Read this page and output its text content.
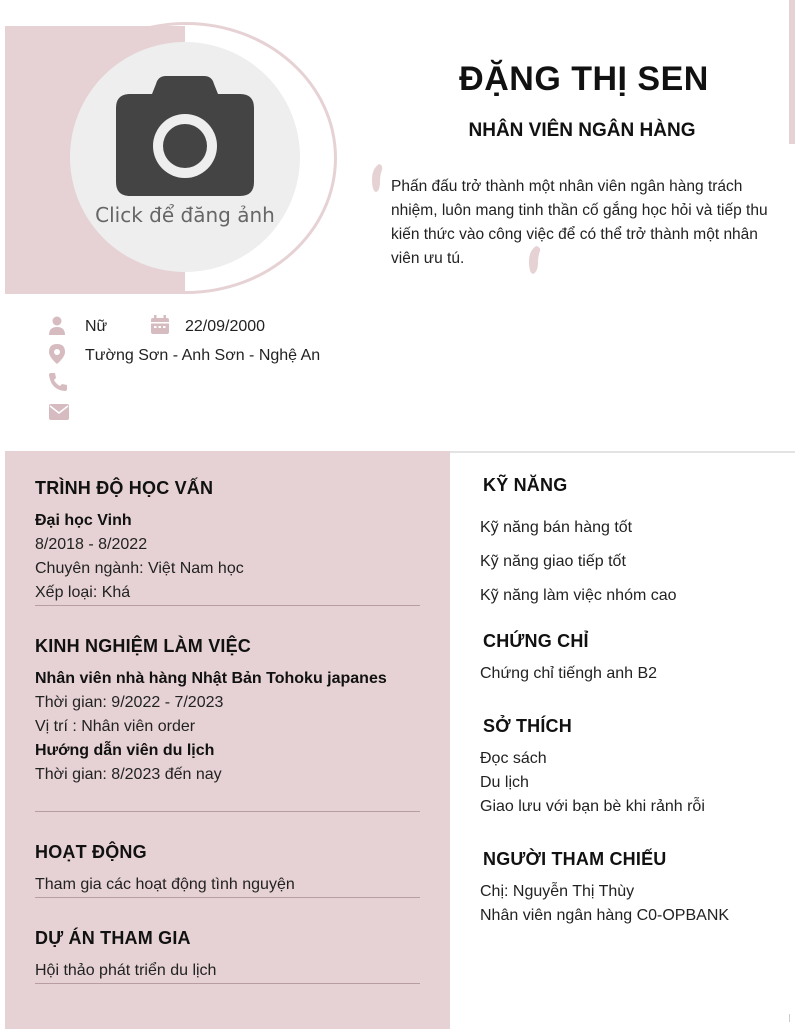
Click để đăng ảnh
ĐẶNG THỊ SEN
NHÂN VIÊN NGÂN HÀNG
Phấn đấu trở thành một nhân viên ngân hàng trách nhiệm, luôn mang tinh thần cố gắng học hỏi và tiếp thu kiến thức vào công việc để có thể trở thành một nhân viên ưu tú.
Nữ	22/09/2000
Tường Sơn - Anh Sơn - Nghệ An
TRÌNH ĐỘ HỌC VẤN
Đại học Vinh
8/2018 - 8/2022
Chuyên ngành: Việt Nam học
Xếp loại: Khá
KINH NGHIỆM LÀM VIỆC
Nhân viên nhà hàng Nhật Bản Tohoku japanes
Thời gian: 9/2022 - 7/2023
Vị trí : Nhân viên order
Hướng dẫn viên du lịch
Thời gian: 8/2023 đến nay
HOẠT ĐỘNG
Tham gia các hoạt động tình nguyện
DỰ ÁN THAM GIA
Hội thảo phát triển du lịch
KỸ NĂNG
Kỹ năng bán hàng tốt
Kỹ năng giao tiếp tốt
Kỹ năng làm việc nhóm cao
CHỨNG CHỈ
Chứng chỉ tiếngh anh B2
SỞ THÍCH
Đọc sách
Du lịch
Giao lưu với bạn bè khi rảnh rỗi
NGƯỜI THAM CHIẾU
Chị: Nguyễn Thị Thùy
Nhân viên ngân hàng C0-OPBANK
